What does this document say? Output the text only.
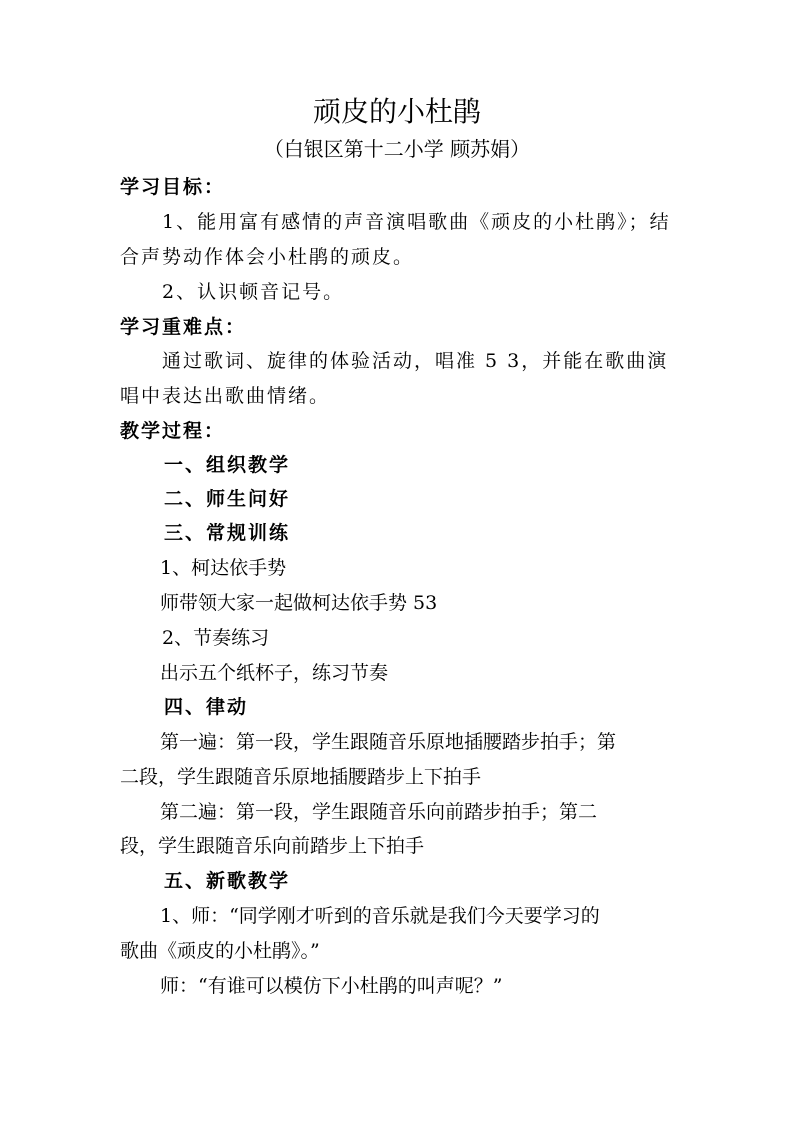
顽皮的小杜鹃
（白银区第十二小学 顾苏娟）
学习目标：
1、能用富有感情的声音演唱歌曲《顽皮的小杜鹃》；结
合声势动作体会小杜鹃的顽皮。
2、认识顿音记号。
学习重难点：
通过歌词、旋律的体验活动，唱准 5 3，并能在歌曲演
唱中表达出歌曲情绪。
教学过程：
一、组织教学
二、师生问好
三、常规训练
1、柯达依手势
师带领大家一起做柯达依手势 53
2、节奏练习
出示五个纸杯子，练习节奏
四、律动
第一遍：第一段，学生跟随音乐原地插腰踏步拍手；第
二段，学生跟随音乐原地插腰踏步上下拍手
第二遍：第一段，学生跟随音乐向前踏步拍手；第二
段，学生跟随音乐向前踏步上下拍手
五、新歌教学
1、师：“同学刚才听到的音乐就是我们今天要学习的
歌曲《顽皮的小杜鹃》。”
师：“有谁可以模仿下小杜鹃的叫声呢？”
